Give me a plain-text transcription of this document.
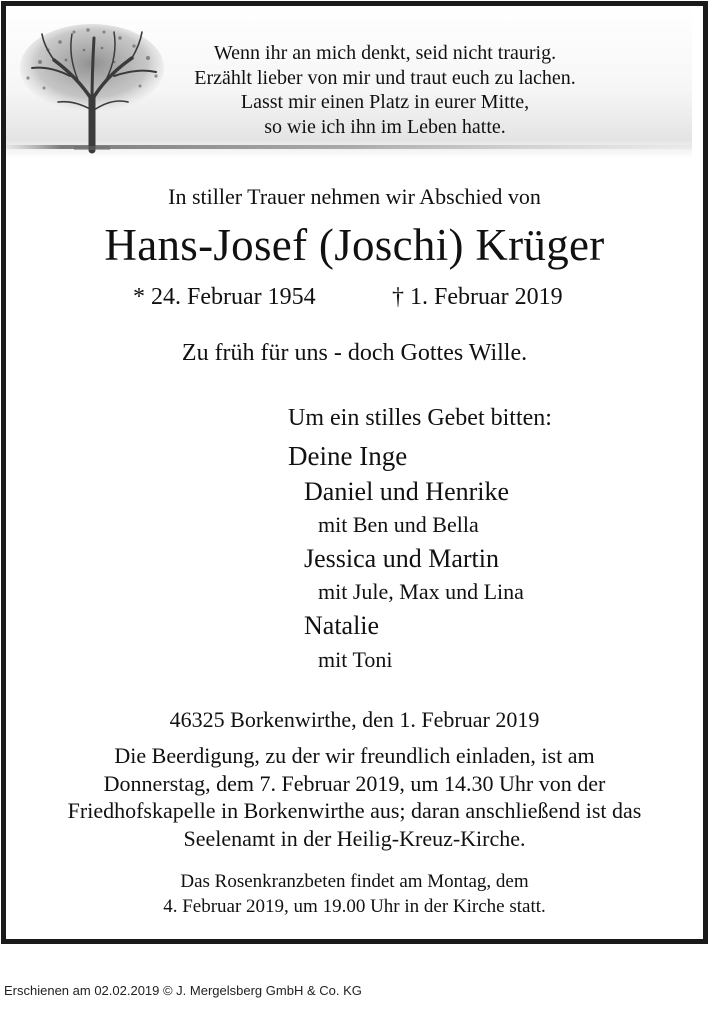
Wenn ihr an mich denkt, seid nicht traurig.
Erzählt lieber von mir und traut euch zu lachen.
Lasst mir einen Platz in eurer Mitte,
so wie ich ihn im Leben hatte.
In stiller Trauer nehmen wir Abschied von
Hans-Josef (Joschi) Krüger
* 24. Februar 1954	† 1. Februar 2019
Zu früh für uns - doch Gottes Wille.
Um ein stilles Gebet bitten:
Deine Inge
Daniel und Henrike
mit Ben und Bella
Jessica und Martin
mit Jule, Max und Lina
Natalie
mit Toni
46325 Borkenwirthe, den 1. Februar 2019
Die Beerdigung, zu der wir freundlich einladen, ist am
Donnerstag, dem 7. Februar 2019, um 14.30 Uhr von der
Friedhofskapelle in Borkenwirthe aus; daran anschließend ist das
Seelenamt in der Heilig-Kreuz-Kirche.
Das Rosenkranzbeten findet am Montag, dem
4. Februar 2019, um 19.00 Uhr in der Kirche statt.
Erschienen am 02.02.2019 © J. Mergelsberg GmbH & Co. KG
